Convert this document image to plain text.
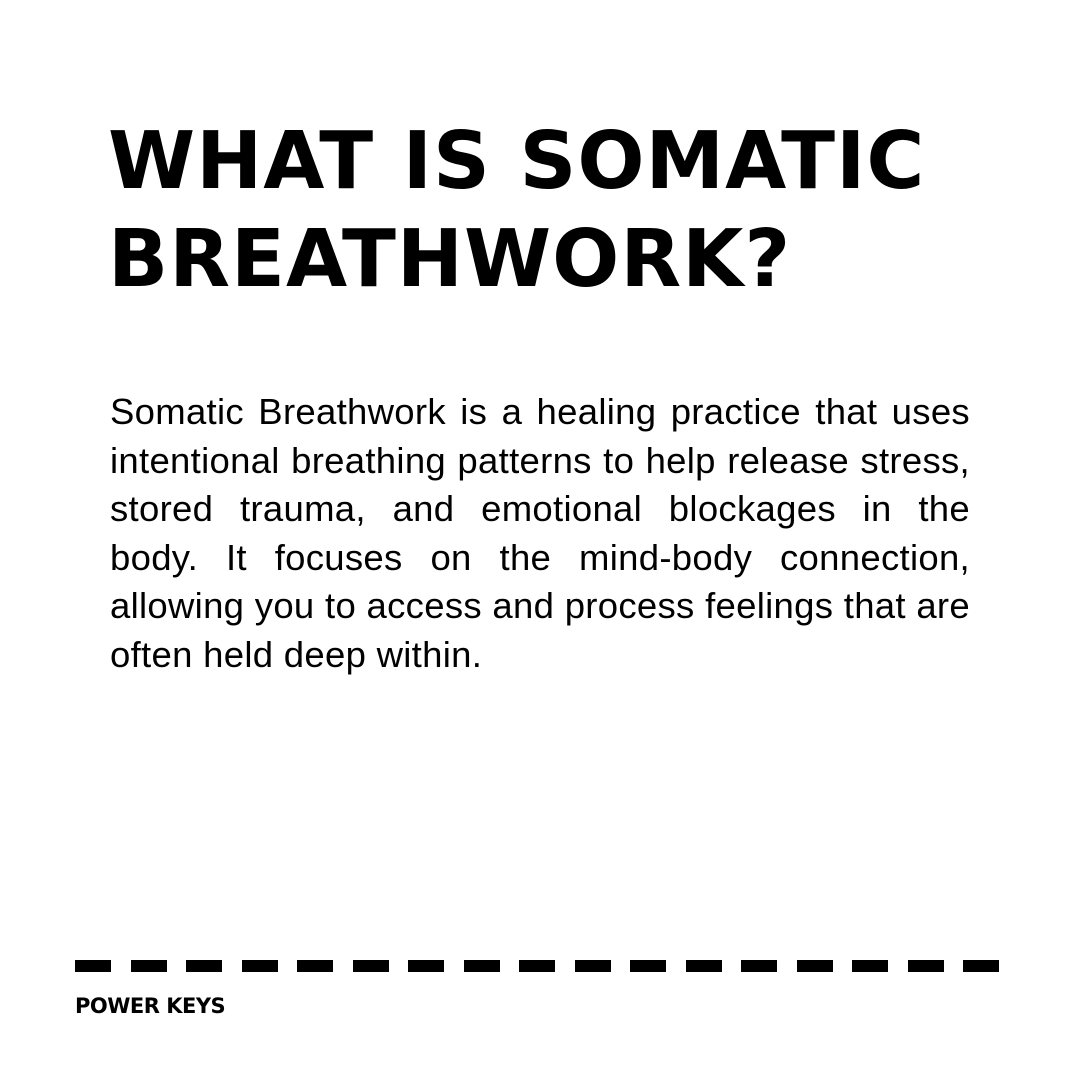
WHAT IS SOMATIC
BREATHWORK?

Somatic Breathwork is a healing practice that uses intentional breathing patterns to help release stress, stored trauma, and emotional blockages in the body. It focuses on the mind-body connection, allowing you to access and process feelings that are often held deep within.

POWER KEYS
